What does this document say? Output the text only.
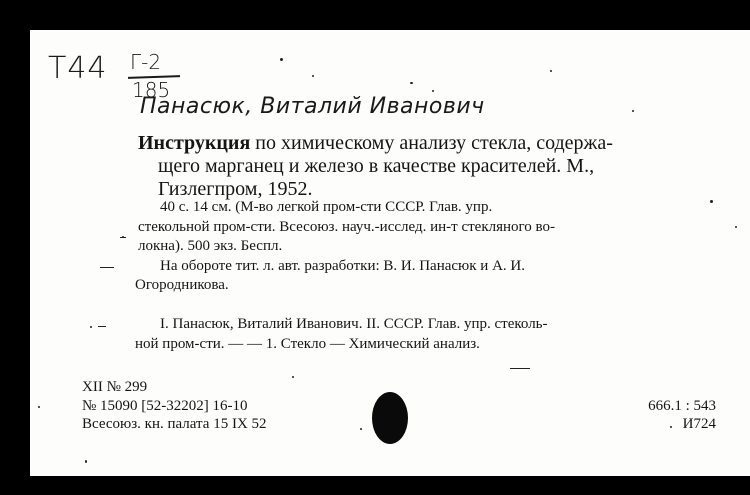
Т44 Г-2
185
Панасюк, Виталий Иванович
Инструкция по химическому анализу стекла, содержа-
щего марганец и железо в качестве красителей. М.,
Гизлегпром, 1952.
40 с. 14 см. (М-во легкой пром-сти СССР. Глав. упр.
стекольной пром-сти. Всесоюз. науч.-исслед. ин-т стекляного во-
локна). 500 экз. Беспл.
На обороте тит. л. авт. разработки: В. И. Панасюк и А. И.
Огородникова.
I. Панасюк, Виталий Иванович. II. СССР. Глав. упр. стеколь-
ной пром-сти. — — 1. Стекло — Химический анализ.
XII № 299
№ 15090 [52-32202] 16-10
Всесоюз. кн. палата 15 IX 52
666.1 : 543
И724
